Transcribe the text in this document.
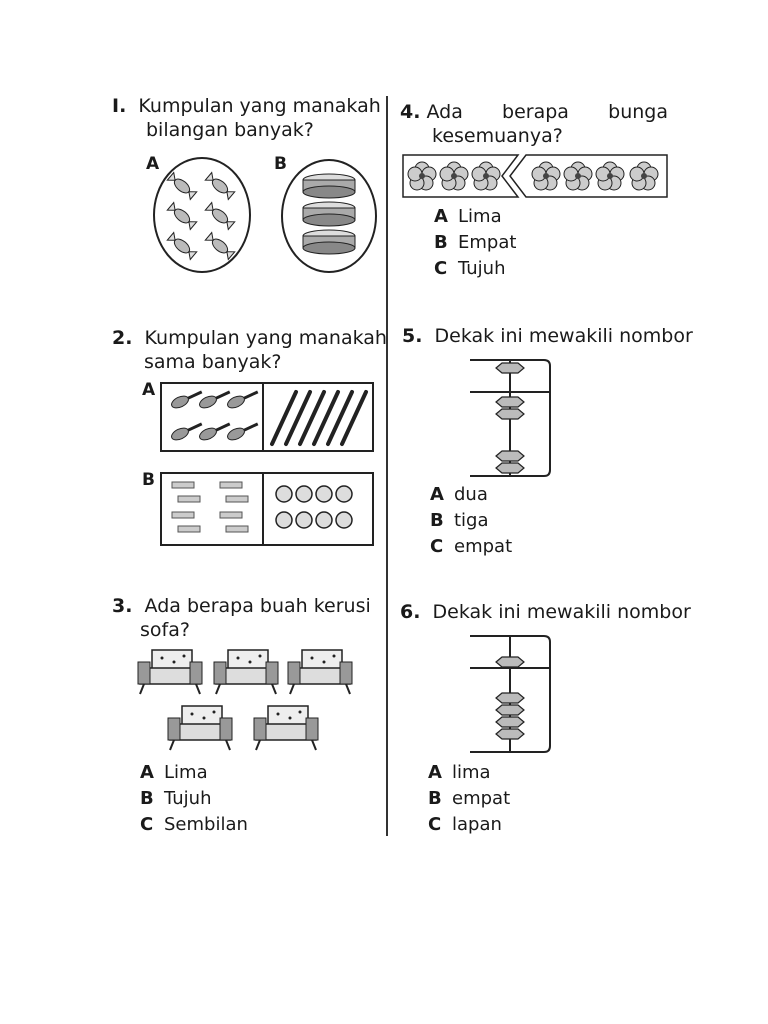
I. Kumpulan yang manakah
bilangan banyak?
A	B
2. Kumpulan yang manakah
sama banyak?
A
B
3. Ada berapa buah kerusi
sofa?
A Lima
B Tujuh
C Sembilan
4. Ada berapa bunga
kesemuanya?
A Lima
B Empat
C Tujuh
5. Dekak ini mewakili nombor
A dua
B tiga
C empat
6. Dekak ini mewakili nombor
A lima
B empat
C lapan
